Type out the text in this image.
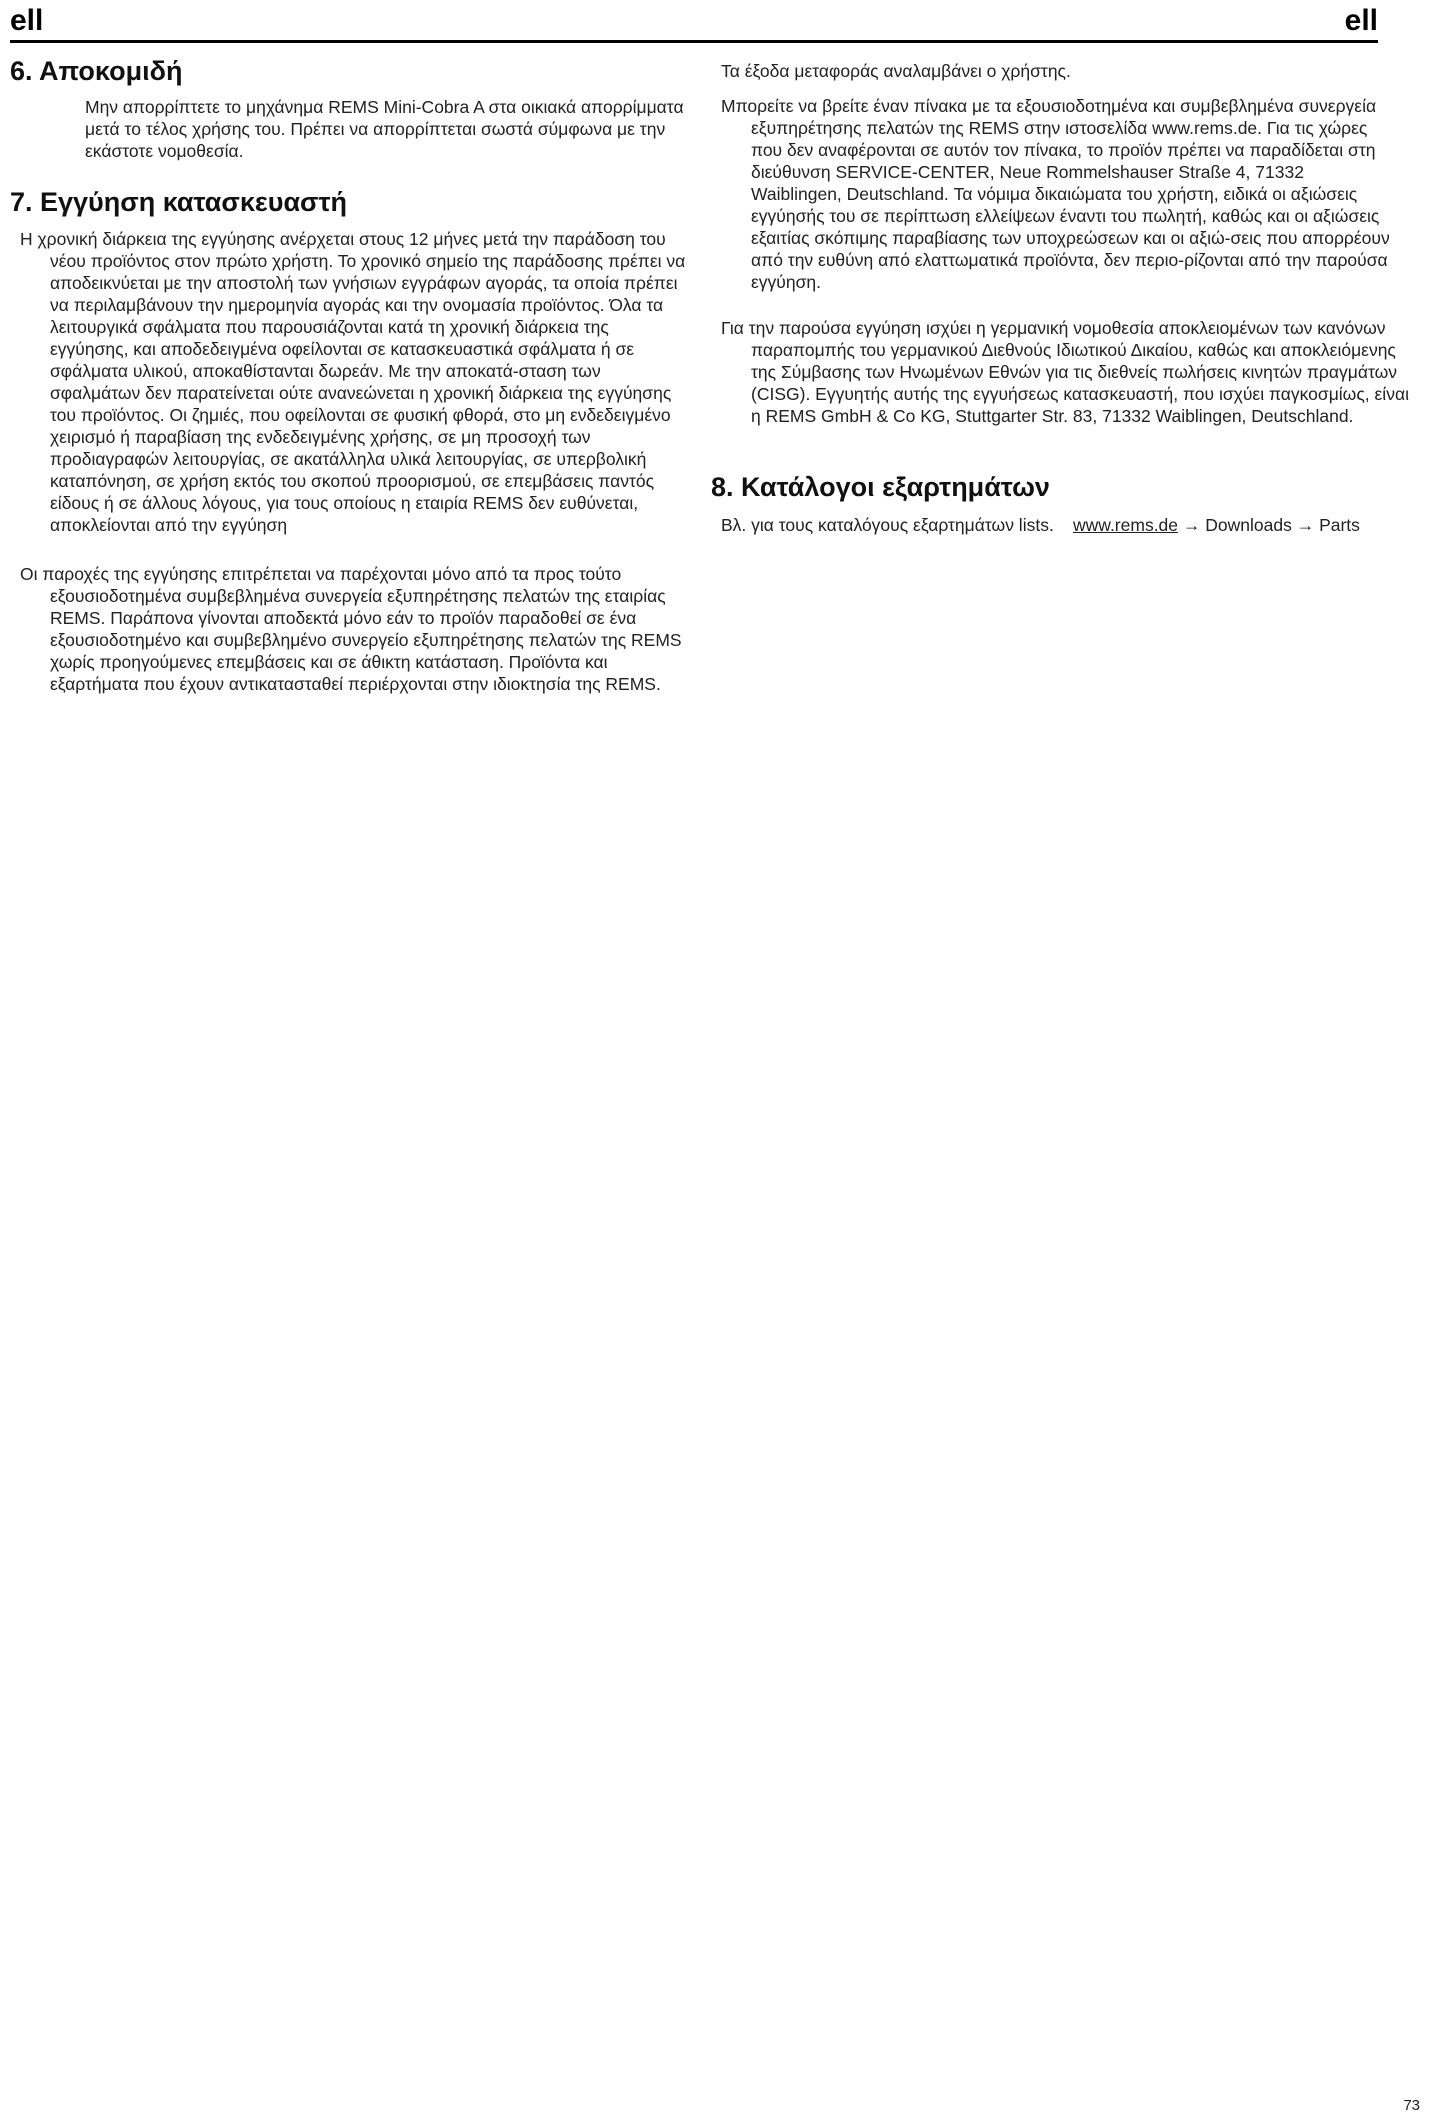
ell	ell
6. Αποκομιδή

Μην απορρίπτετε το μηχάνημα REMS Mini-Cobra A στα οικιακά απορρίμματα μετά το τέλος χρήσης του. Πρέπει να απορρίπτεται σωστά σύμφωνα με την εκάστοτε νομοθεσία.

7. Εγγύηση κατασκευαστή

Η χρονική διάρκεια της εγγύησης ανέρχεται στους 12 μήνες μετά την παράδοση του νέου προϊόντος στον πρώτο χρήστη. Το χρονικό σημείο της παράδοσης πρέπει να αποδεικνύεται με την αποστολή των γνήσιων εγγράφων αγοράς, τα οποία πρέπει να περιλαμβάνουν την ημερομηνία αγοράς και την ονομασία προϊόντος. Όλα τα λειτουργικά σφάλματα που παρουσιάζονται κατά τη χρονική διάρκεια της εγγύησης, και αποδεδειγμένα οφείλονται σε κατασκευαστικά σφάλματα ή σε σφάλματα υλικού, αποκαθίστανται δωρεάν. Με την αποκατά-σταση των σφαλμάτων δεν παρατείνεται ούτε ανανεώνεται η χρονική διάρκεια της εγγύησης του προϊόντος. Οι ζημιές, που οφείλονται σε φυσική φθορά, στο μη ενδεδειγμένο χειρισμό ή παραβίαση της ενδεδειγμένης χρήσης, σε μη προσοχή των προδιαγραφών λειτουργίας, σε ακατάλληλα υλικά λειτουργίας, σε υπερβολική καταπόνηση, σε χρήση εκτός του σκοπού προορισμού, σε επεμβάσεις παντός είδους ή σε άλλους λόγους, για τους οποίους η εταιρία REMS δεν ευθύνεται, αποκλείονται από την εγγύηση

Οι παροχές της εγγύησης επιτρέπεται να παρέχονται μόνο από τα προς τούτο εξουσιοδοτημένα συμβεβλημένα συνεργεία εξυπηρέτησης πελατών της εταιρίας REMS. Παράπονα γίνονται αποδεκτά μόνο εάν το προϊόν παραδοθεί σε ένα εξουσιοδοτημένο και συμβεβλημένο συνεργείο εξυπηρέτησης πελατών της REMS χωρίς προηγούμενες επεμβάσεις και σε άθικτη κατάσταση. Προϊόντα και εξαρτήματα που έχουν αντικατασταθεί περιέρχονται στην ιδιοκτησία της REMS.

Τα έξοδα μεταφοράς αναλαμβάνει ο χρήστης.

Μπορείτε να βρείτε έναν πίνακα με τα εξουσιοδοτημένα και συμβεβλημένα συνεργεία εξυπηρέτησης πελατών της REMS στην ιστοσελίδα www.rems.de. Για τις χώρες που δεν αναφέρονται σε αυτόν τον πίνακα, το προϊόν πρέπει να παραδίδεται στη διεύθυνση SERVICE-CENTER, Neue Rommelshauser Straße 4, 71332 Waiblingen, Deutschland. Τα νόμιμα δικαιώματα του χρήστη, ειδικά οι αξιώσεις εγγύησής του σε περίπτωση ελλείψεων έναντι του πωλητή, καθώς και οι αξιώσεις εξαιτίας σκόπιμης παραβίασης των υποχρεώσεων και οι αξιώ-σεις που απορρέουν από την ευθύνη από ελαττωματικά προϊόντα, δεν περιο-ρίζονται από την παρούσα εγγύηση.

Για την παρούσα εγγύηση ισχύει η γερμανική νομοθεσία αποκλειομένων των κανόνων παραπομπής του γερμανικού Διεθνούς Ιδιωτικού Δικαίου, καθώς και αποκλειόμενης της Σύμβασης των Ηνωμένων Εθνών για τις διεθνείς πωλήσεις κινητών πραγμάτων (CISG). Εγγυητής αυτής της εγγυήσεως κατασκευαστή, που ισχύει παγκοσμίως, είναι η REMS GmbH & Co KG, Stuttgarter Str. 83, 71332 Waiblingen, Deutschland.

8. Κατάλογοι εξαρτημάτων
Βλ. για τους καταλόγους εξαρτημάτων lists.	www.rems.de → Downloads → Parts
73
